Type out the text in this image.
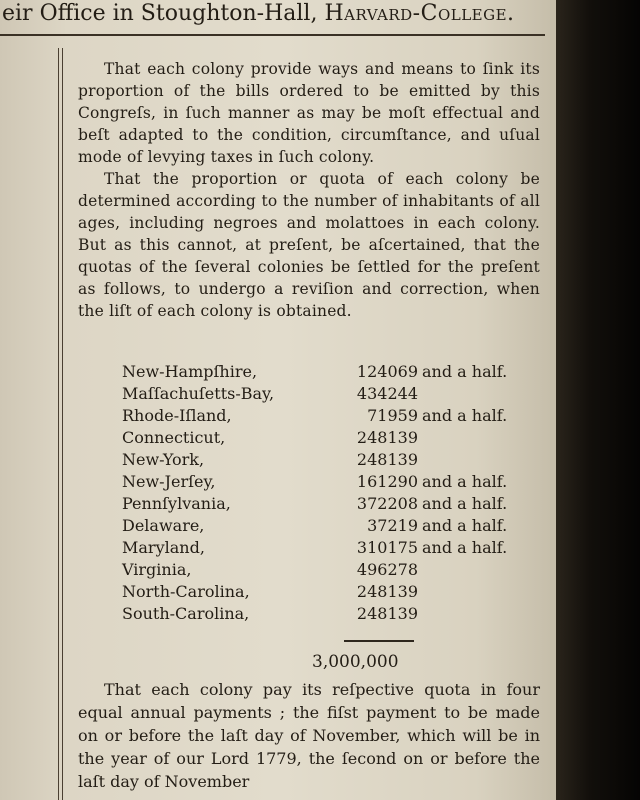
eir Office in Stoughton-Hall, Harvard-College.

That each colony provide ways and means to ſink its proportion of the bills ordered to be emitted by this Congreſs, in ſuch manner as may be moſt effectual and beſt adapted to the condition, circumſtance, and uſual mode of levying taxes in ſuch colony.

That the proportion or quota of each colony be determined according to the number of inhabitants of all ages, including negroes and molattoes in each colony. But as this cannot, at preſent, be aſcertained, that the quotas of the ſeveral colonies be ſettled for the preſent as follows, to undergo a reviſion and correction, when the liſt of each colony is obtained.

New-Hampſhire,	124069 and a half.
Maſſachuſetts-Bay,	434244
Rhode-Iſland,	71959 and a half.
Connecticut,	248139
New-York,	248139
New-Jerſey,	161290 and a half.
Pennſylvania,	372208 and a half.
Delaware,	37219 and a half.
Maryland,	310175 and a half.
Virginia,	496278
North-Carolina,	248139
South-Carolina,	248139
3,000,000

That each colony pay its reſpective quota in four equal annual payments ; the fiſst payment to be made on or before the laſt day of November, which will be in the year of our Lord 1779, the ſecond on or before the laſt day of November
